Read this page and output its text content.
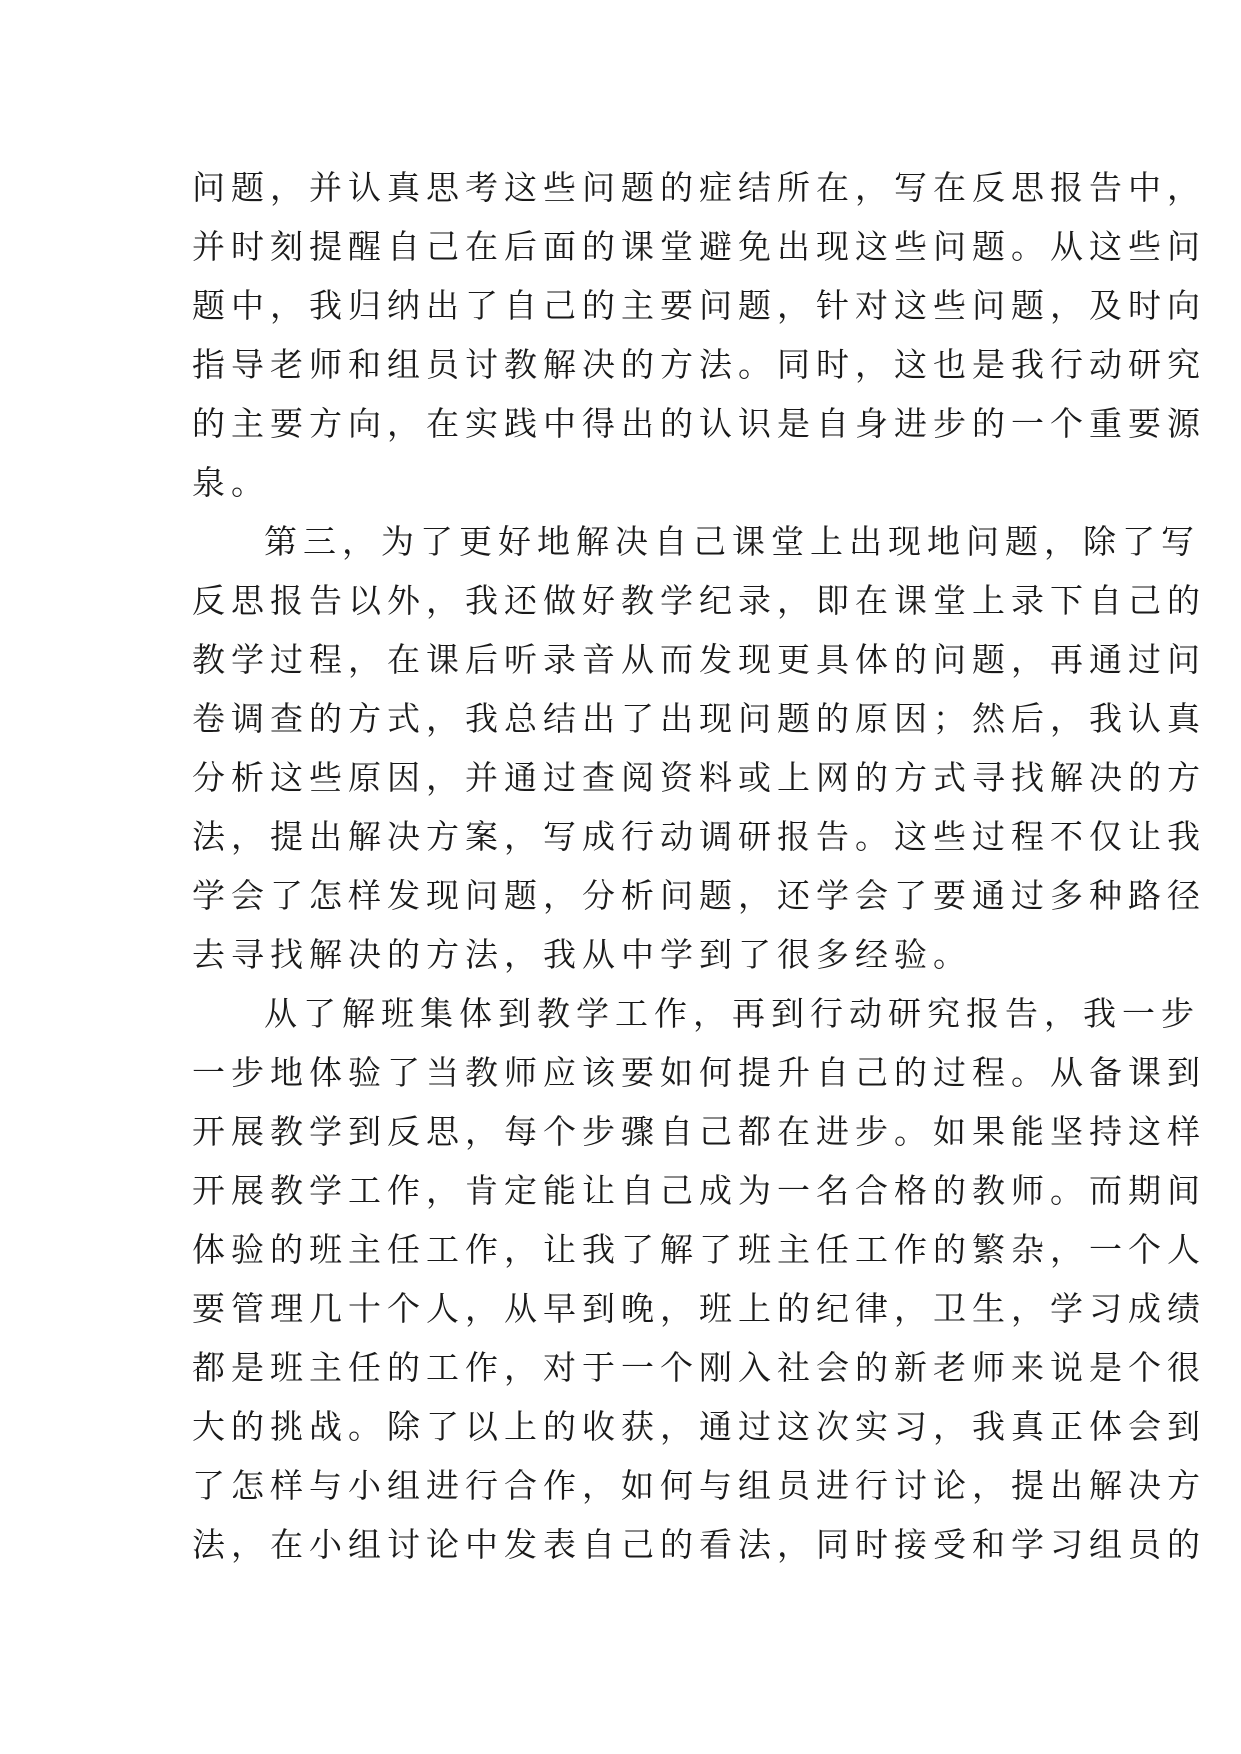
问题，并认真思考这些问题的症结所在，写在反思报告中，
并时刻提醒自己在后面的课堂避免出现这些问题。从这些问
题中，我归纳出了自己的主要问题，针对这些问题，及时向
指导老师和组员讨教解决的方法。同时，这也是我行动研究
的主要方向，在实践中得出的认识是自身进步的一个重要源
泉。
第三，为了更好地解决自己课堂上出现地问题，除了写
反思报告以外，我还做好教学纪录，即在课堂上录下自己的
教学过程，在课后听录音从而发现更具体的问题，再通过问
卷调查的方式，我总结出了出现问题的原因；然后，我认真
分析这些原因，并通过查阅资料或上网的方式寻找解决的方
法，提出解决方案，写成行动调研报告。这些过程不仅让我
学会了怎样发现问题，分析问题，还学会了要通过多种路径
去寻找解决的方法，我从中学到了很多经验。
从了解班集体到教学工作，再到行动研究报告，我一步
一步地体验了当教师应该要如何提升自己的过程。从备课到
开展教学到反思，每个步骤自己都在进步。如果能坚持这样
开展教学工作，肯定能让自己成为一名合格的教师。而期间
体验的班主任工作，让我了解了班主任工作的繁杂，一个人
要管理几十个人，从早到晚，班上的纪律，卫生，学习成绩
都是班主任的工作，对于一个刚入社会的新老师来说是个很
大的挑战。除了以上的收获，通过这次实习，我真正体会到
了怎样与小组进行合作，如何与组员进行讨论，提出解决方
法，在小组讨论中发表自己的看法，同时接受和学习组员的
